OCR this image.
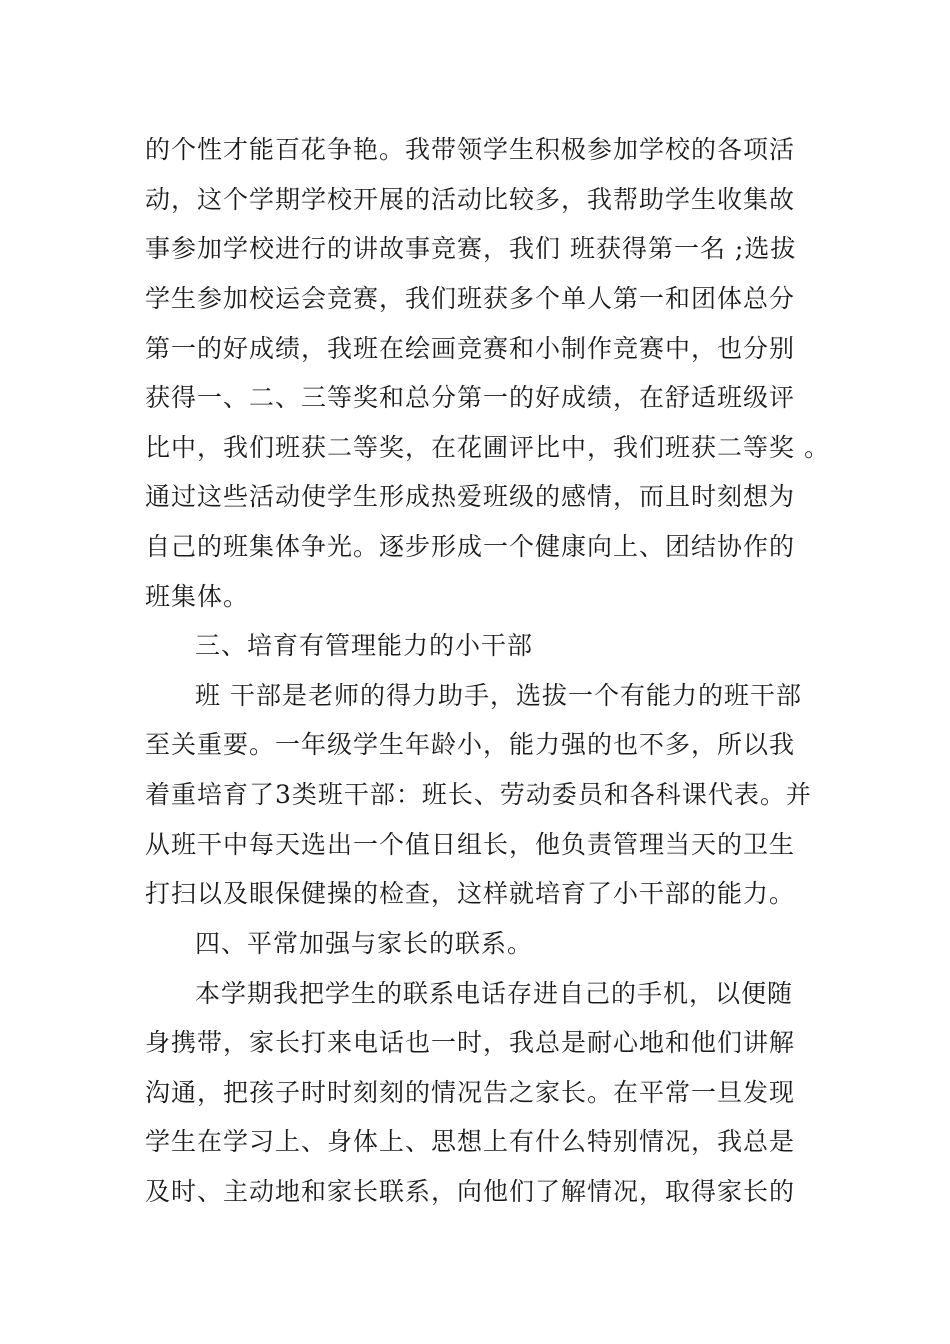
的个性才能百花争艳。我带领学生积极参加学校的各项活
动，这个学期学校开展的活动比较多，我帮助学生收集故
事参加学校进行的讲故事竞赛，我们 班获得第一名 ;选拔
学生参加校运会竞赛，我们班获多个单人第一和团体总分
第一的好成绩，我班在绘画竞赛和小制作竞赛中，也分别
获得一、二、三等奖和总分第一的好成绩，在舒适班级评
比中，我们班获二等奖，在花圃评比中，我们班获二等奖 。
通过这些活动使学生形成热爱班级的感情，而且时刻想为
自己的班集体争光。逐步形成一个健康向上、团结协作的
班集体。
三、培育有管理能力的小干部
班 干部是老师的得力助手，选拔一个有能力的班干部
至关重要。一年级学生年龄小，能力强的也不多，所以我
着重培育了3类班干部：班长、劳动委员和各科课代表。并
从班干中每天选出一个值日组长，他负责管理当天的卫生
打扫以及眼保健操的检查，这样就培育了小干部的能力。
四、平常加强与家长的联系。
本学期我把学生的联系电话存进自己的手机，以便随
身携带，家长打来电话也一时，我总是耐心地和他们讲解
沟通，把孩子时时刻刻的情况告之家长。在平常一旦发现
学生在学习上、身体上、思想上有什么特别情况，我总是
及时、主动地和家长联系，向他们了解情况，取得家长的
